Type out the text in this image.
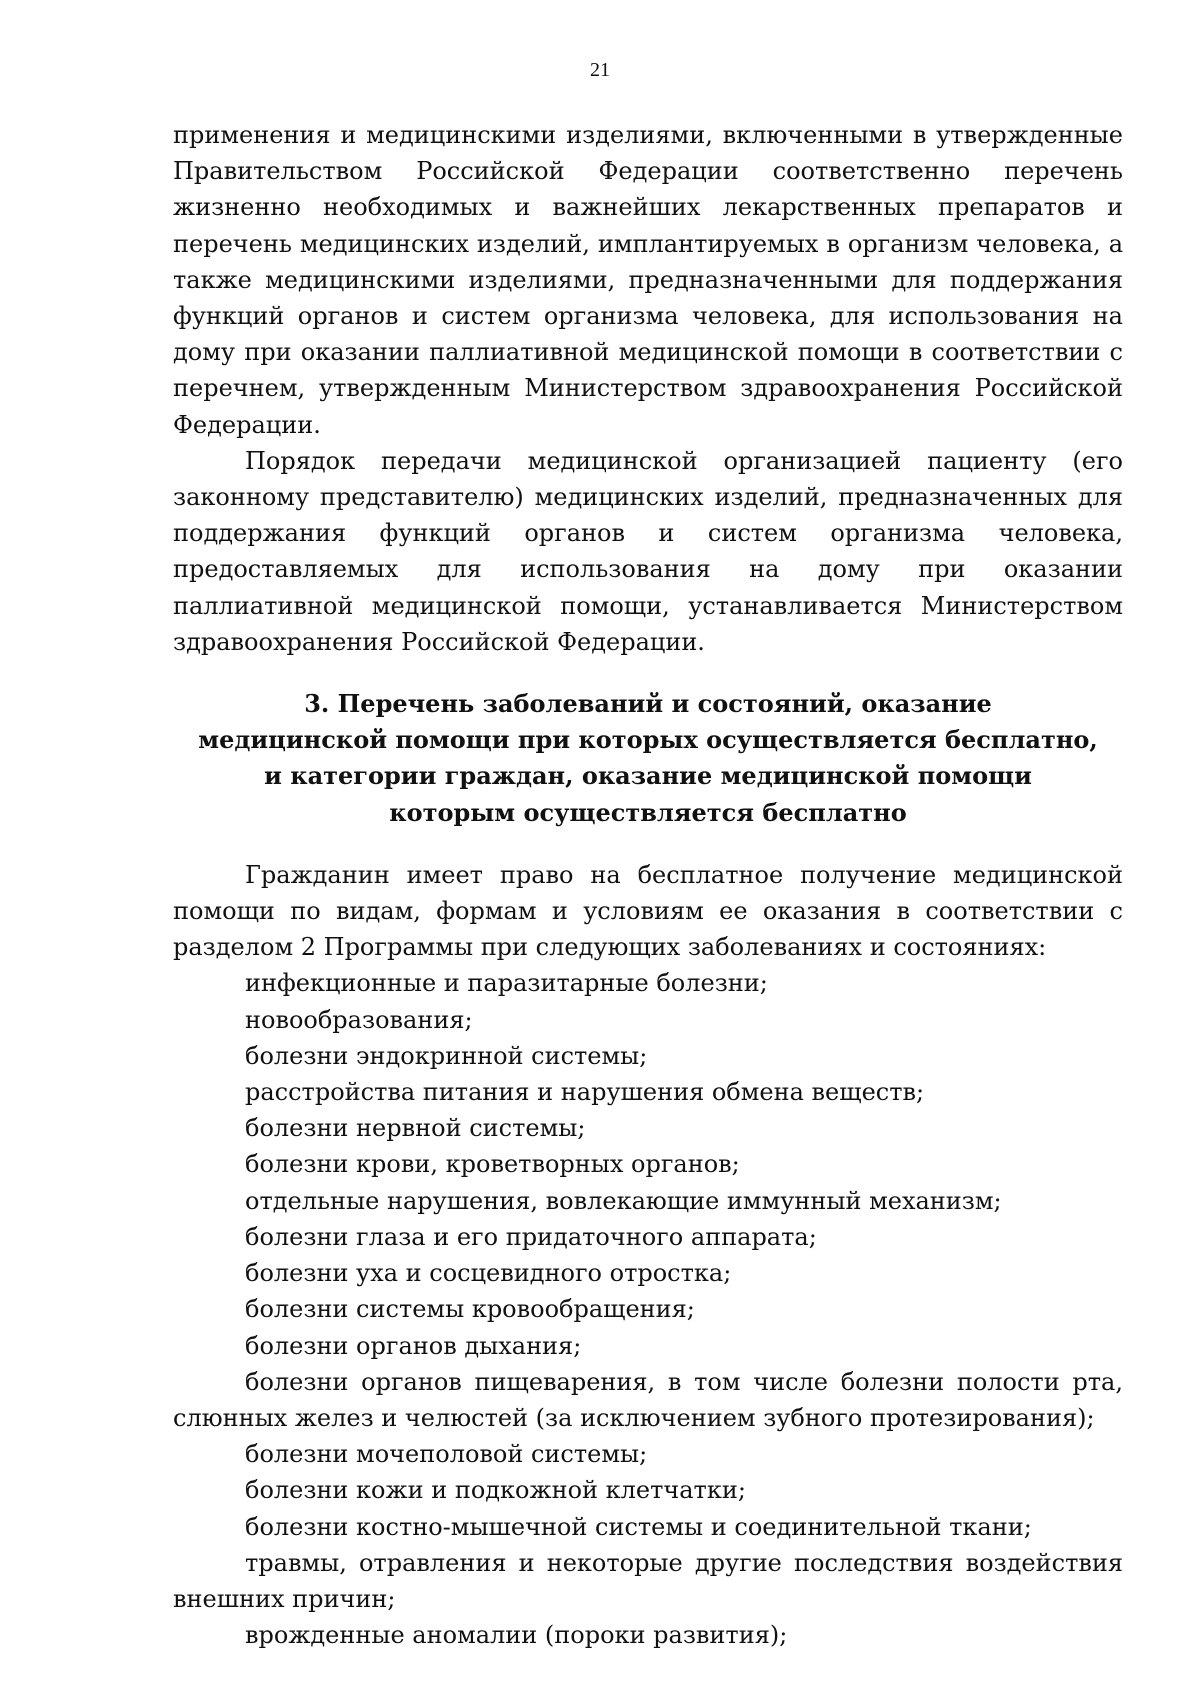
21

применения и медицинскими изделиями, включенными в утвержденные Правительством Российской Федерации соответственно перечень жизненно необходимых и важнейших лекарственных препаратов и перечень медицинских изделий, имплантируемых в организм человека, а также медицинскими изделиями, предназначенными для поддержания функций органов и систем организма человека, для использования на дому при оказании паллиативной медицинской помощи в соответствии с перечнем, утвержденным Министерством здравоохранения Российской Федерации.

Порядок передачи медицинской организацией пациенту (его законному представителю) медицинских изделий, предназначенных для поддержания функций органов и систем организма человека, предоставляемых для использования на дому при оказании паллиативной медицинской помощи, устанавливается Министерством здравоохранения Российской Федерации.

3. Перечень заболеваний и состояний, оказание
медицинской помощи при которых осуществляется бесплатно,
и категории граждан, оказание медицинской помощи
которым осуществляется бесплатно

Гражданин имеет право на бесплатное получение медицинской помощи по видам, формам и условиям ее оказания в соответствии с разделом 2 Программы при следующих заболеваниях и состояниях:

инфекционные и паразитарные болезни;

новообразования;

болезни эндокринной системы;

расстройства питания и нарушения обмена веществ;

болезни нервной системы;

болезни крови, кроветворных органов;

отдельные нарушения, вовлекающие иммунный механизм;

болезни глаза и его придаточного аппарата;

болезни уха и сосцевидного отростка;

болезни системы кровообращения;

болезни органов дыхания;

болезни органов пищеварения, в том числе болезни полости рта, слюнных желез и челюстей (за исключением зубного протезирования);

болезни мочеполовой системы;

болезни кожи и подкожной клетчатки;

болезни костно-мышечной системы и соединительной ткани;

травмы, отравления и некоторые другие последствия воздействия внешних причин;

врожденные аномалии (пороки развития);
